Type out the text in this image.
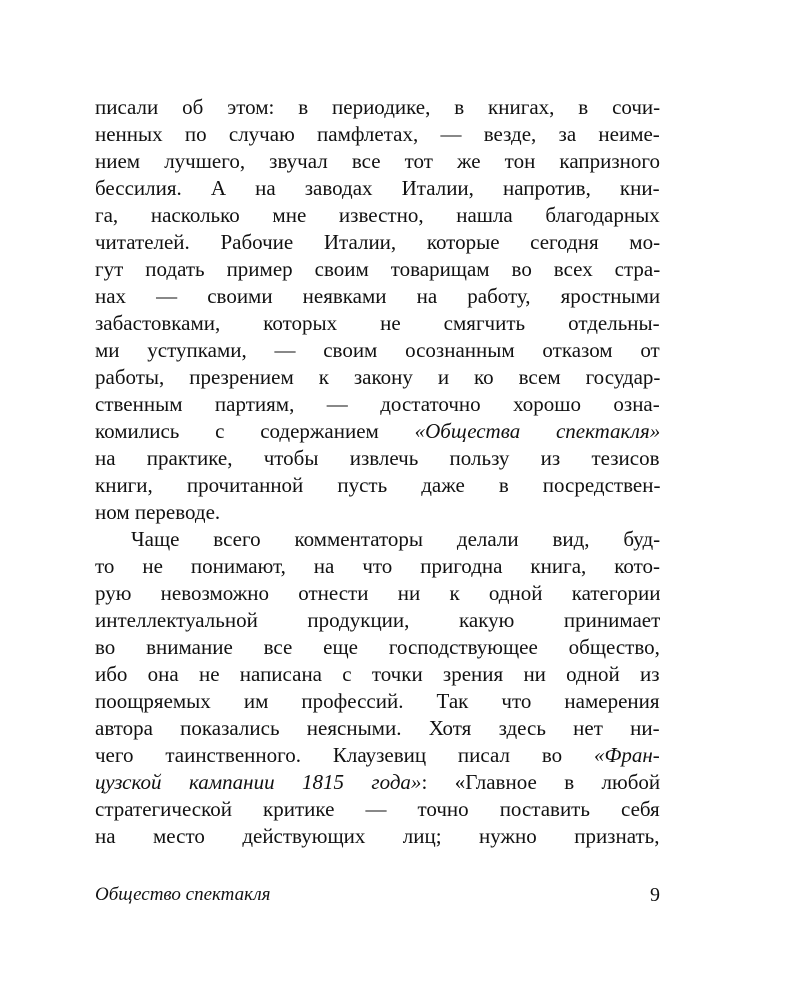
писали об этом: в периодике, в книгах, в сочи-
ненных по случаю памфлетах, — везде, за неиме-
нием лучшего, звучал все тот же тон капризного
бессилия. А на заводах Италии, напротив, кни-
га, насколько мне известно, нашла благодарных
читателей. Рабочие Италии, которые сегодня мо-
гут подать пример своим товарищам во всех стра-
нах — своими неявками на работу, яростными
забастовками, которых не смягчить отдельны-
ми уступками, — своим осознанным отказом от
работы, презрением к закону и ко всем государ-
ственным партиям, — достаточно хорошо озна-
комились с содержанием «Общества спектакля»
на практике, чтобы извлечь пользу из тезисов
книги, прочитанной пусть даже в посредствен-
ном переводе.
Чаще всего комментаторы делали вид, буд-
то не понимают, на что пригодна книга, кото-
рую невозможно отнести ни к одной категории
интеллектуальной продукции, какую принимает
во внимание все еще господствующее общество,
ибо она не написана с точки зрения ни одной из
поощряемых им профессий. Так что намерения
автора показались неясными. Хотя здесь нет ни-
чего таинственного. Клаузевиц писал во «Фран-
цузской кампании 1815 года»: «Главное в любой
стратегической критике — точно поставить себя
на место действующих лиц; нужно признать,
Общество спектакля	9
